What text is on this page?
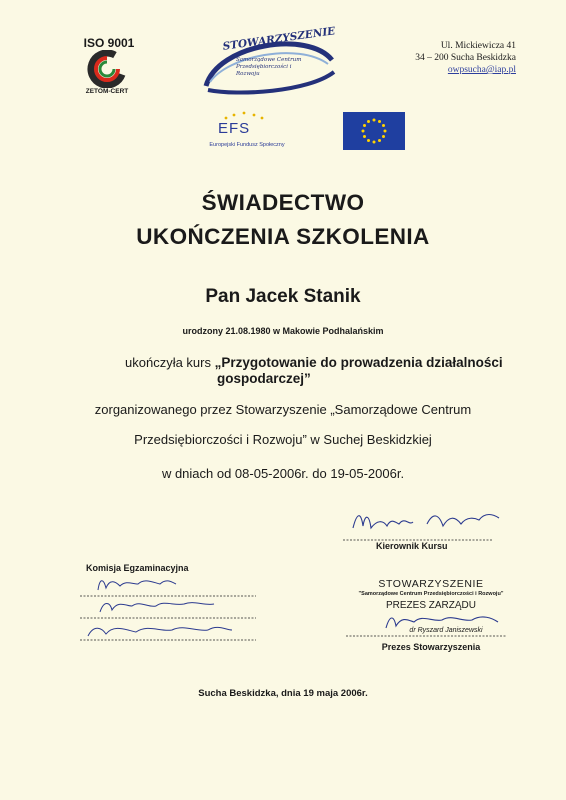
ISO 9001
ZETOM-CERT
STOWARZYSZENIE
Samorządowe Centrum Przedsiębiorczości i Rozwoju
Ul. Mickiewicza 41
34 – 200 Sucha Beskidzka
owpsucha@iap.pl
EFS
Europejski Fundusz Społeczny
ŚWIADECTWO
UKOŃCZENIA SZKOLENIA
Pan Jacek Stanik
urodzony 21.08.1980 w Makowie Podhalańskim
ukończyła kurs „Przygotowanie do prowadzenia działalności
gospodarczej”
zorganizowanego przez Stowarzyszenie „Samorządowe Centrum
Przedsiębiorczości i Rozwoju” w Suchej Beskidzkiej
w dniach od 08-05-2006r. do 19-05-2006r.
Kierownik Kursu
Komisja Egzaminacyjna
STOWARZYSZENIE
"Samorządowe Centrum Przedsiębiorczości i Rozwoju"
PREZES ZARZĄDU
dr Ryszard Janiszewski
Prezes Stowarzyszenia
Sucha Beskidzka, dnia 19 maja 2006r.
